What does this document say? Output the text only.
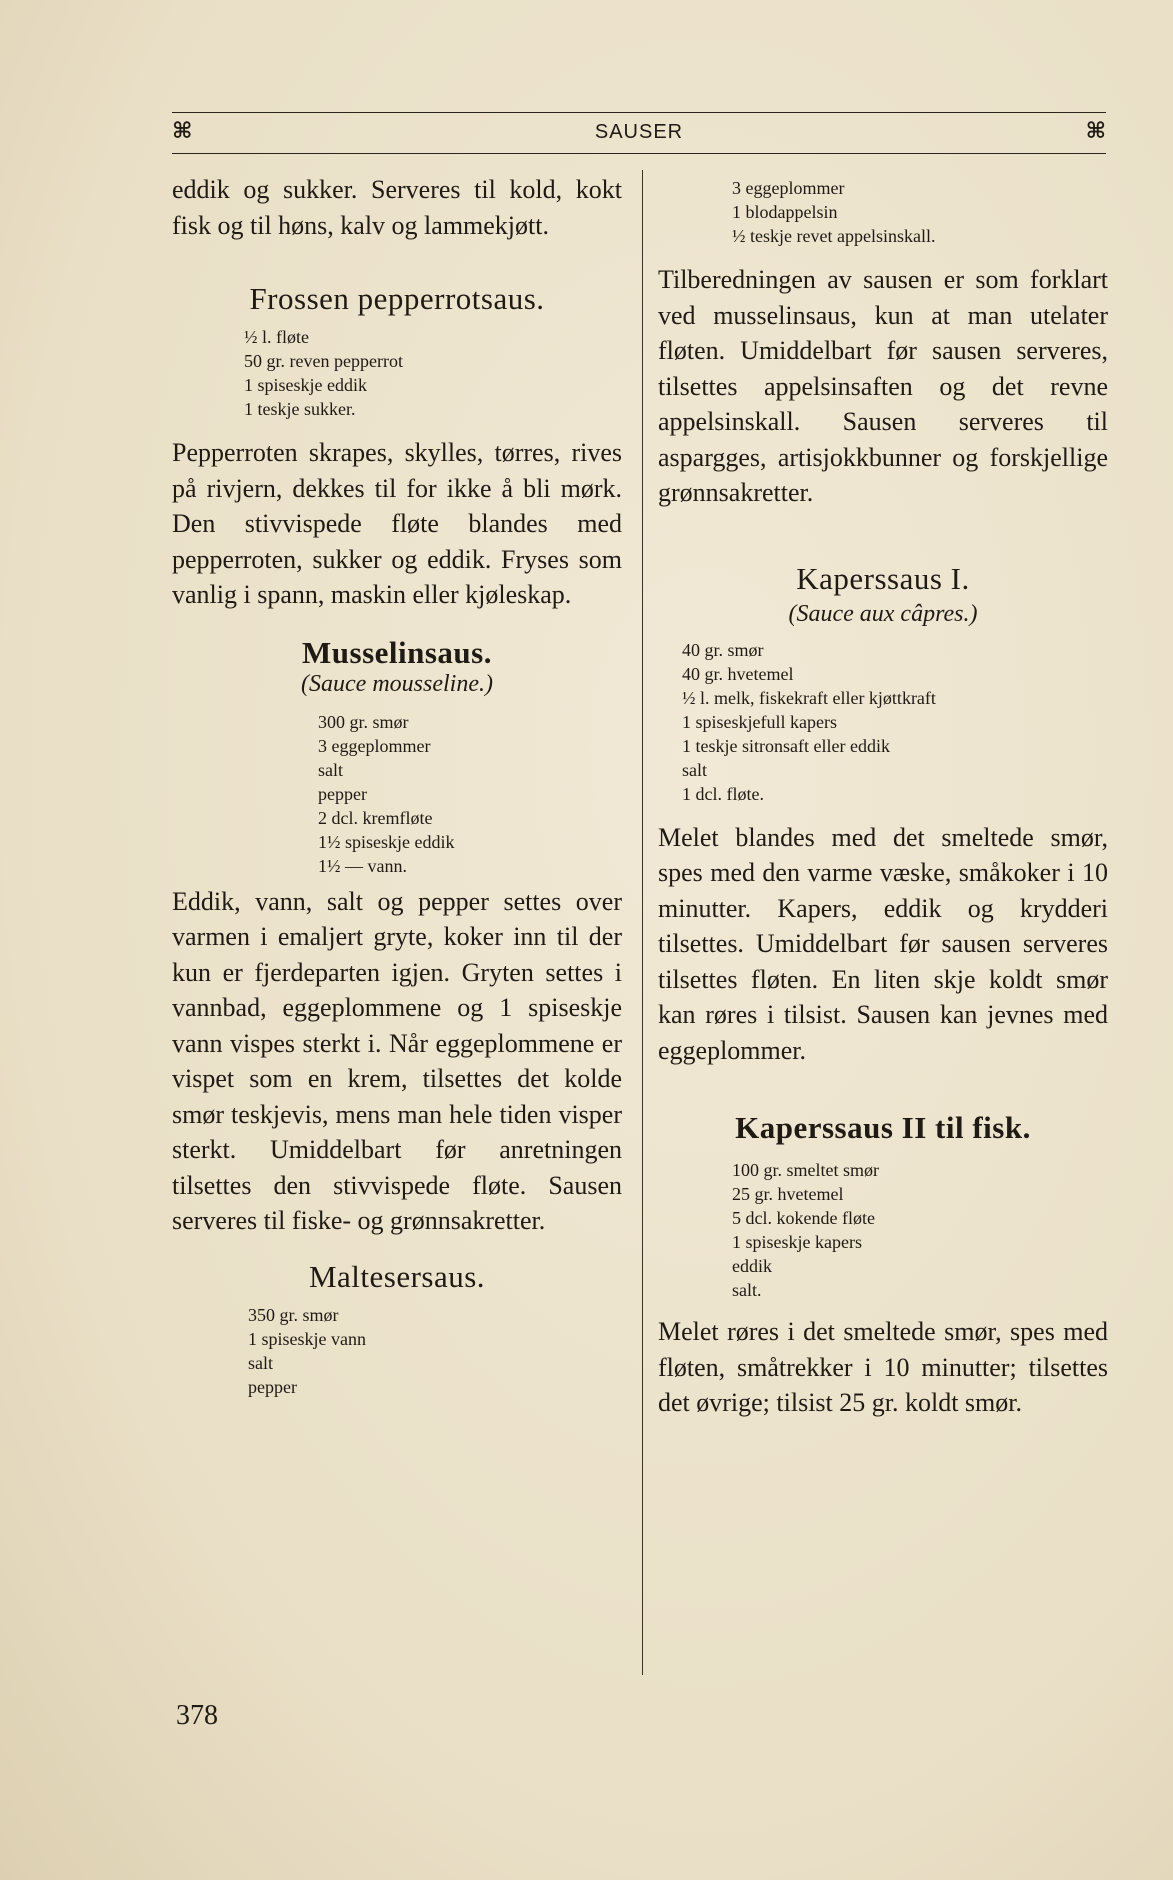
⌘	SAUSER	⌘

eddik og sukker. Serveres til kold, kokt fisk og til høns, kalv og lammekjøtt.

Frossen pepperrotsaus.
½ l. fløte
50 gr. reven pepperrot
1 spiseskje eddik
1 teskje sukker.

Pepperroten skrapes, skylles, tørres, rives på rivjern, dekkes til for ikke å bli mørk. Den stivvispede fløte blandes med pepperroten, sukker og eddik. Fryses som vanlig i spann, maskin eller kjøleskap.

Musselinsaus.

(Sauce mousseline.)

300 gr. smør
3 eggeplommer
salt
pepper
2 dcl. kremfløte
1½ spiseskje eddik
1½ — vann.

Eddik, vann, salt og pepper settes over varmen i emaljert gryte, koker inn til der kun er fjerdeparten igjen. Gryten settes i vannbad, eggeplommene og 1 spiseskje vann vispes sterkt i. Når eggeplommene er vispet som en krem, tilsettes det kolde smør teskjevis, mens man hele tiden visper sterkt. Umiddelbart før anretningen tilsettes den stivvispede fløte. Sausen serveres til fiske- og grønnsakretter.

Maltesersaus.
350 gr. smør
1 spiseskje vann
salt
pepper
3 eggeplommer
1 blodappelsin
½ teskje revet appelsinskall.

Tilberedningen av sausen er som forklart ved musselinsaus, kun at man utelater fløten. Umiddelbart før sausen serveres, tilsettes appelsinsaften og det revne appelsinskall. Sausen serveres til aspargges, artisjokkbunner og forskjellige grønnsakretter.

Kaperssaus I.

(Sauce aux câpres.)

40 gr. smør
40 gr. hvetemel
½ l. melk, fiskekraft eller kjøttkraft
1 spiseskjefull kapers
1 teskje sitronsaft eller eddik
salt
1 dcl. fløte.

Melet blandes med det smeltede smør, spes med den varme væske, småkoker i 10 minutter. Kapers, eddik og krydderi tilsettes. Umiddelbart før sausen serveres tilsettes fløten. En liten skje koldt smør kan røres i tilsist. Sausen kan jevnes med eggeplommer.

Kaperssaus II til fisk.
100 gr. smeltet smør
25 gr. hvetemel
5 dcl. kokende fløte
1 spiseskje kapers
eddik
salt.

Melet røres i det smeltede smør, spes med fløten, småtrekker i 10 minutter; tilsettes det øvrige; tilsist 25 gr. koldt smør.

378
